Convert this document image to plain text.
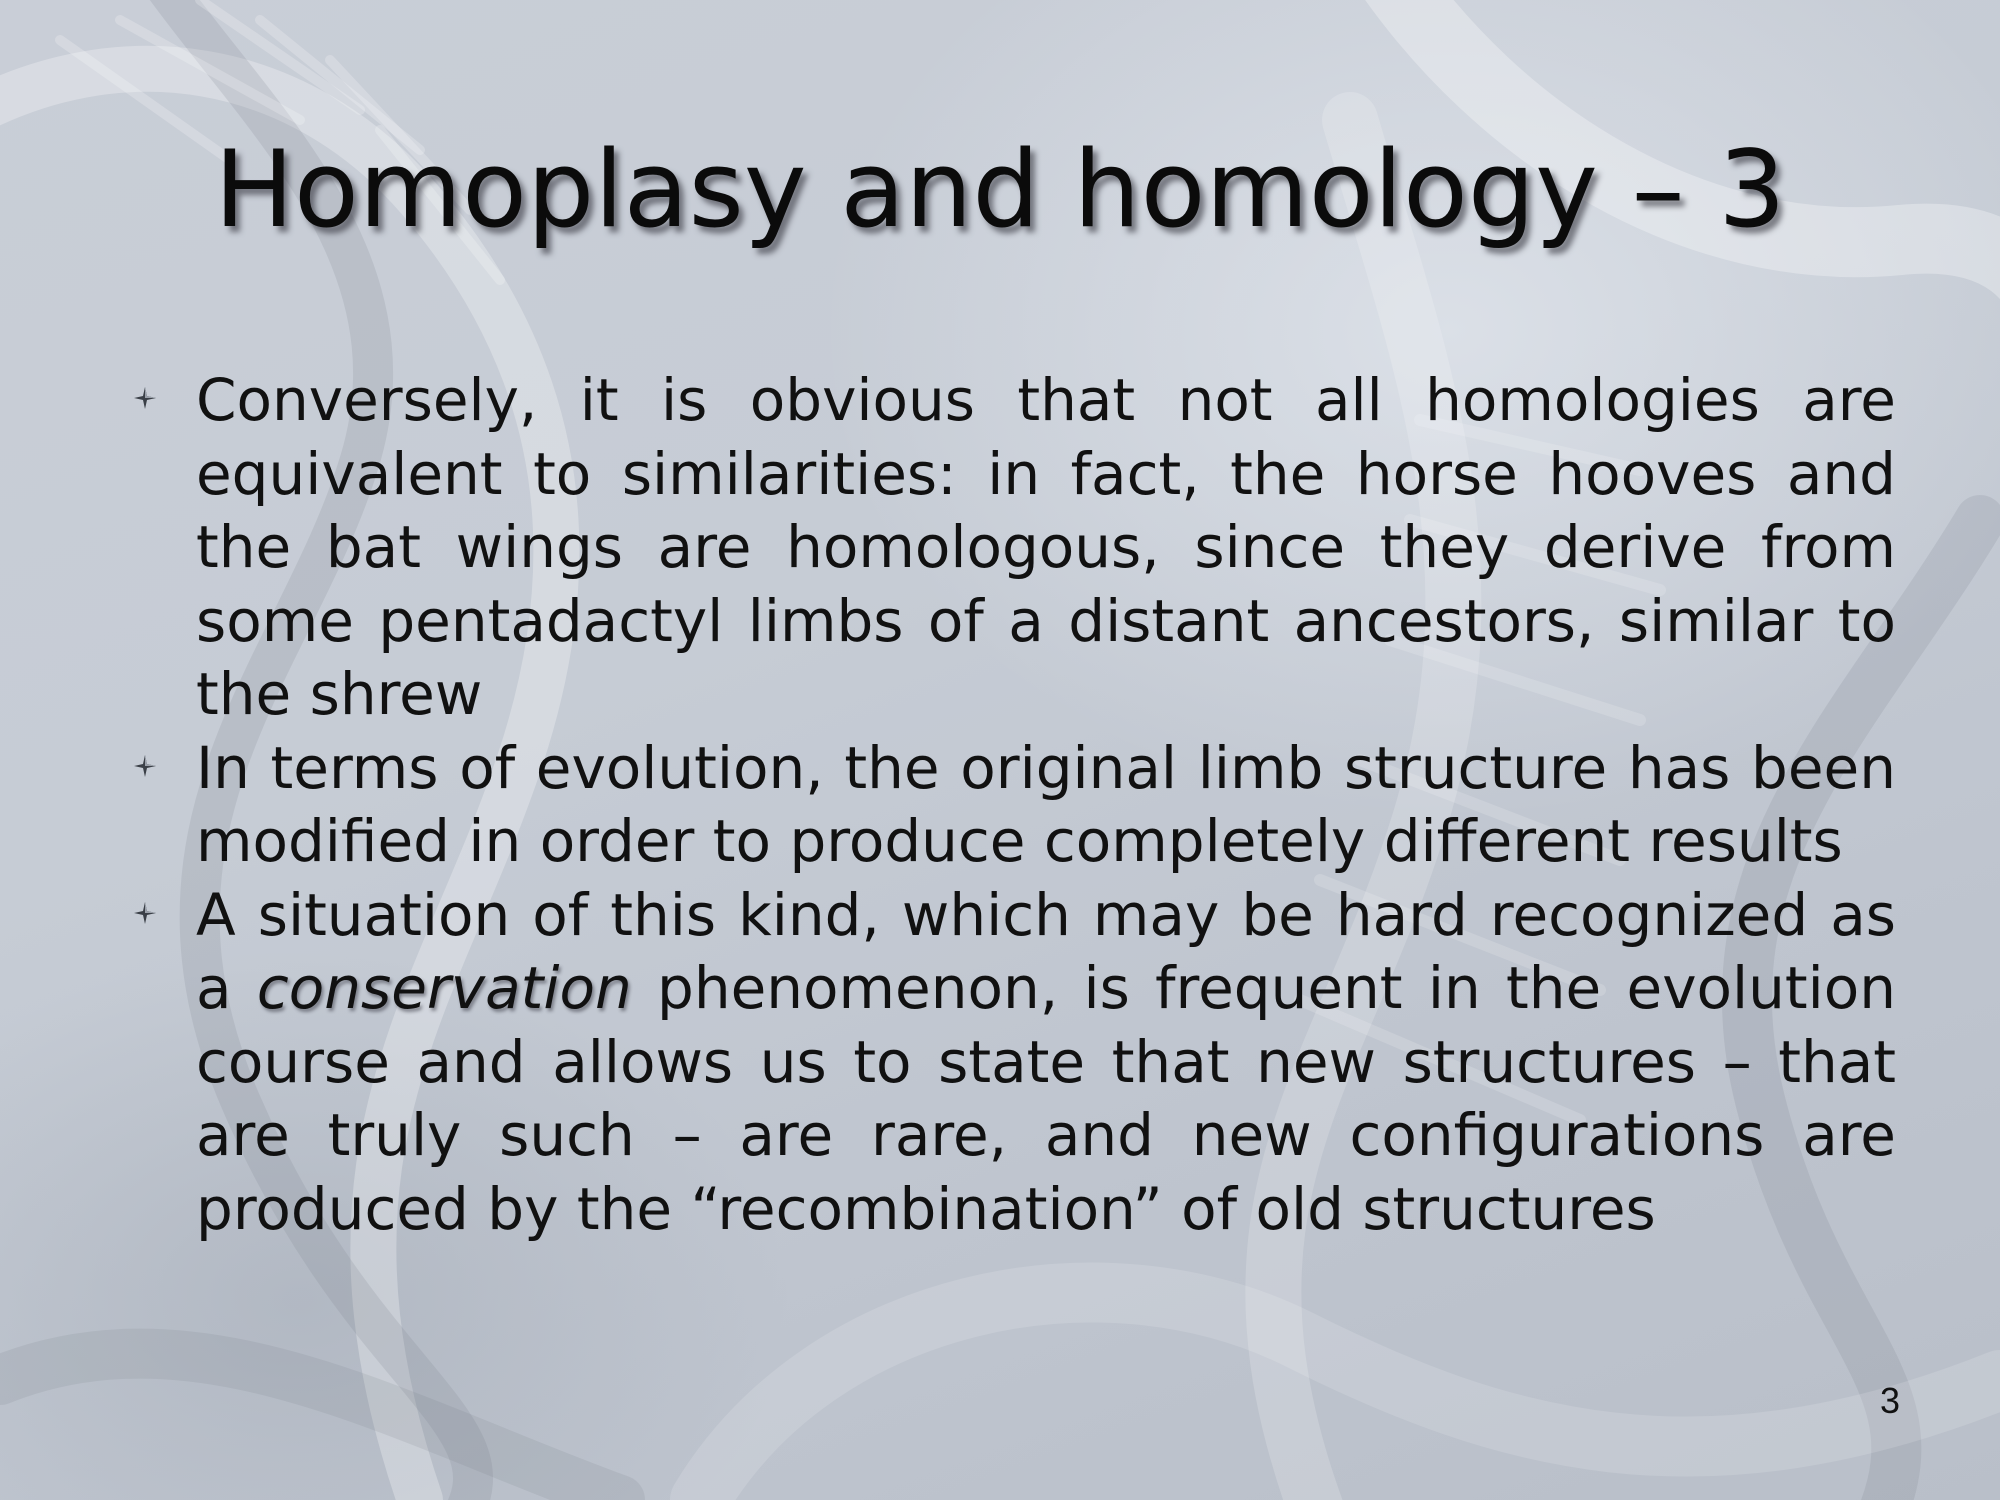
Homoplasy and homology – 3
Conversely, it is obvious that not all homologies are equivalent to similarities: in fact, the horse hooves and the bat wings are homologous, since they derive from some pentadactyl limbs of a distant ancestors, similar to the shrew
In terms of evolution, the original limb structure has been modified in order to produce completely different results
A situation of this kind, which may be hard recognized as a conservation phenomenon, is frequent in the evolution course and allows us to state that new structures – that are truly such – are rare, and new configurations are produced by the “recombination” of old structures
3
